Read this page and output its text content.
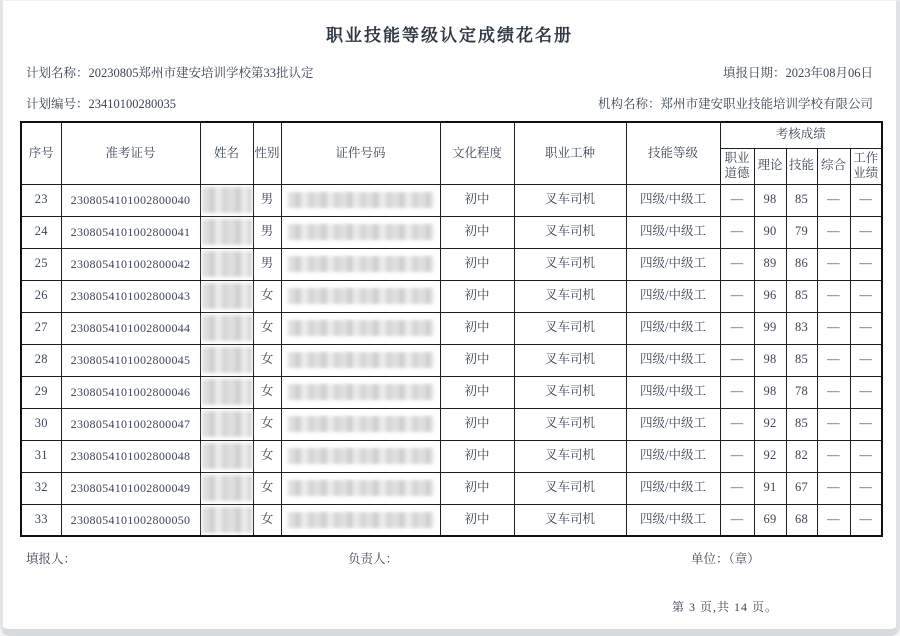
职业技能等级认定成绩花名册
计划名称：20230805郑州市建安培训学校第33批认定	填报日期：2023年08月06日
计划编号：23410100280035	机构名称：郑州市建安职业技能培训学校有限公司
序号	准考证号	姓名	性别	证件号码	文化程度	职业工种	技能等级	考核成绩				
								职业道德	理论	技能	综合	工作业绩
23	2308054101002800040		男		初中	叉车司机	四级/中级工	—	98	85	—	—
24	2308054101002800041		男		初中	叉车司机	四级/中级工	—	90	79	—	—
25	2308054101002800042		男		初中	叉车司机	四级/中级工	—	89	86	—	—
26	2308054101002800043		女		初中	叉车司机	四级/中级工	—	96	85	—	—
27	2308054101002800044		女		初中	叉车司机	四级/中级工	—	99	83	—	—
28	2308054101002800045		女		初中	叉车司机	四级/中级工	—	98	85	—	—
29	2308054101002800046		女		初中	叉车司机	四级/中级工	—	98	78	—	—
30	2308054101002800047		女		初中	叉车司机	四级/中级工	—	92	85	—	—
31	2308054101002800048		女		初中	叉车司机	四级/中级工	—	92	82	—	—
32	2308054101002800049		女		初中	叉车司机	四级/中级工	—	91	67	—	—
33	2308054101002800050		女		初中	叉车司机	四级/中级工	—	69	68	—	—
填报人：	负责人：	单位：（章）
第 3 页,共 14 页。
